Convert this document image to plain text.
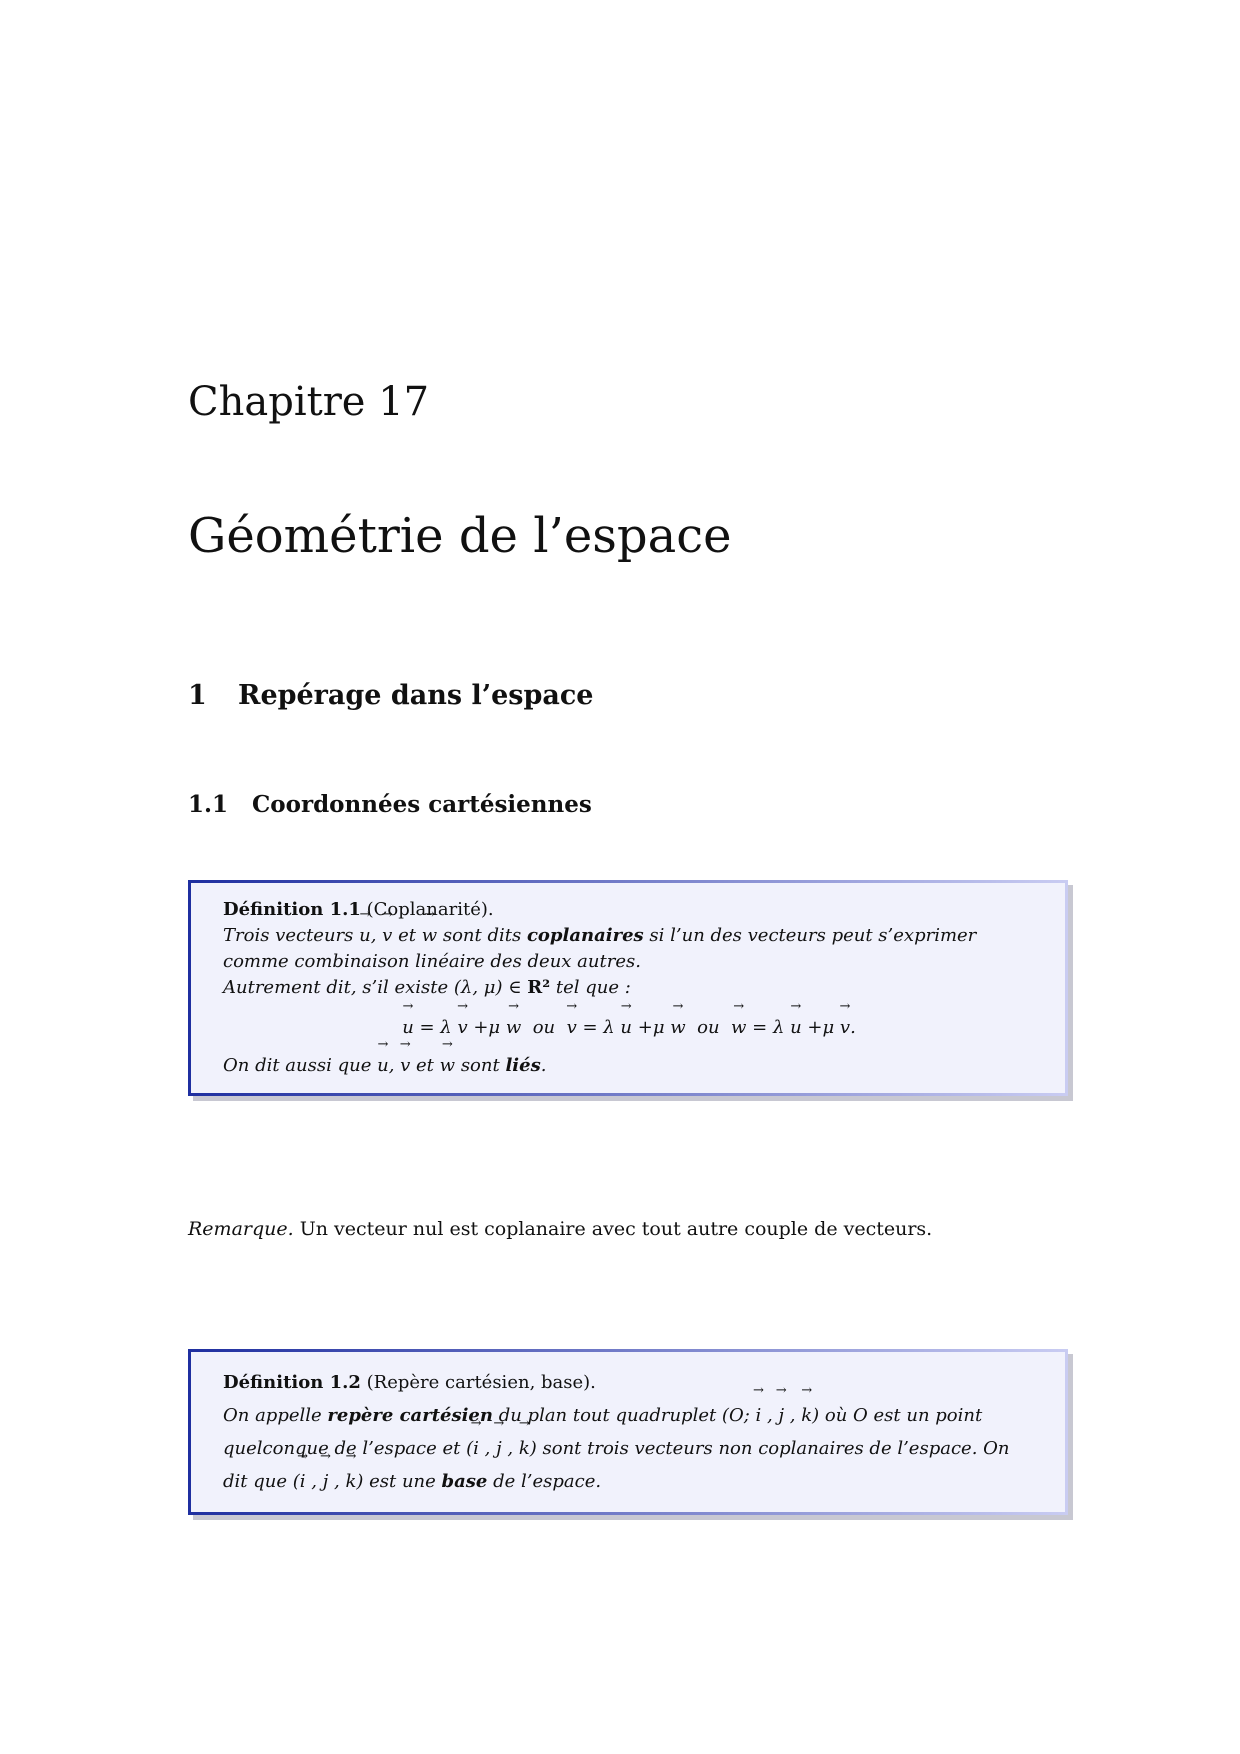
Chapitre 17
Géométrie de l’espace
1 Repérage dans l’espace
1.1 Coordonnées cartésiennes
Définition 1.1 (Coplanarité).
Trois vecteurs → u, → v et → w sont dits coplanaires si l’un des vecteurs peut s’exprimer comme combinaison linéaire des deux autres.
Autrement dit, s’il existe (λ, μ) ∈ R² tel que :
→ u = λ → v +μ → w  ou  → v = λ → u +μ → w  ou  → w = λ → u +μ → v.
On dit aussi que → u, → v et → w sont liés.
Remarque. Un vecteur nul est coplanaire avec tout autre couple de vecteurs.
Définition 1.2 (Repère cartésien, base).
On appelle repère cartésien du plan tout quadruplet (O; → i , → j , → k) où O est un point quelconque de l’espace et (→ i , → j , → k) sont trois vecteurs non coplanaires de l’espace. On dit que (→ i , → j , → k) est une base de l’espace.
